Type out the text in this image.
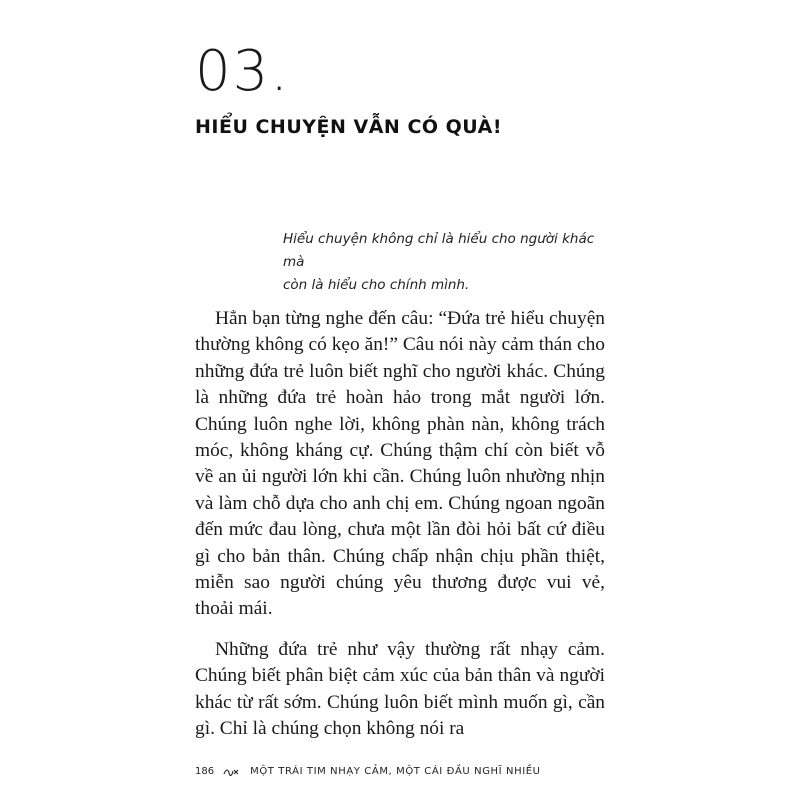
03.
HIỂU CHUYỆN VẪN CÓ QUÀ!

Hiểu chuyện không chỉ là hiểu cho người khác mà

còn là hiểu cho chính mình.

Hẳn bạn từng nghe đến câu: “Đứa trẻ hiểu chuyện thường không có kẹo ăn!” Câu nói này cảm thán cho những đứa trẻ luôn biết nghĩ cho người khác. Chúng là những đứa trẻ hoàn hảo trong mắt người lớn. Chúng luôn nghe lời, không phàn nàn, không trách móc, không kháng cự. Chúng thậm chí còn biết vỗ về an ủi người lớn khi cần. Chúng luôn nhường nhịn và làm chỗ dựa cho anh chị em. Chúng ngoan ngoãn đến mức đau lòng, chưa một lần đòi hỏi bất cứ điều gì cho bản thân. Chúng chấp nhận chịu phần thiệt, miễn sao người chúng yêu thương được vui vẻ, thoải mái.

Những đứa trẻ như vậy thường rất nhạy cảm. Chúng biết phân biệt cảm xúc của bản thân và người khác từ rất sớm. Chúng luôn biết mình muốn gì, cần gì. Chỉ là chúng chọn không nói ra

186	MỘT TRÁI TIM NHẠY CẢM, MỘT CÁI ĐẦU NGHĨ NHIỀU
